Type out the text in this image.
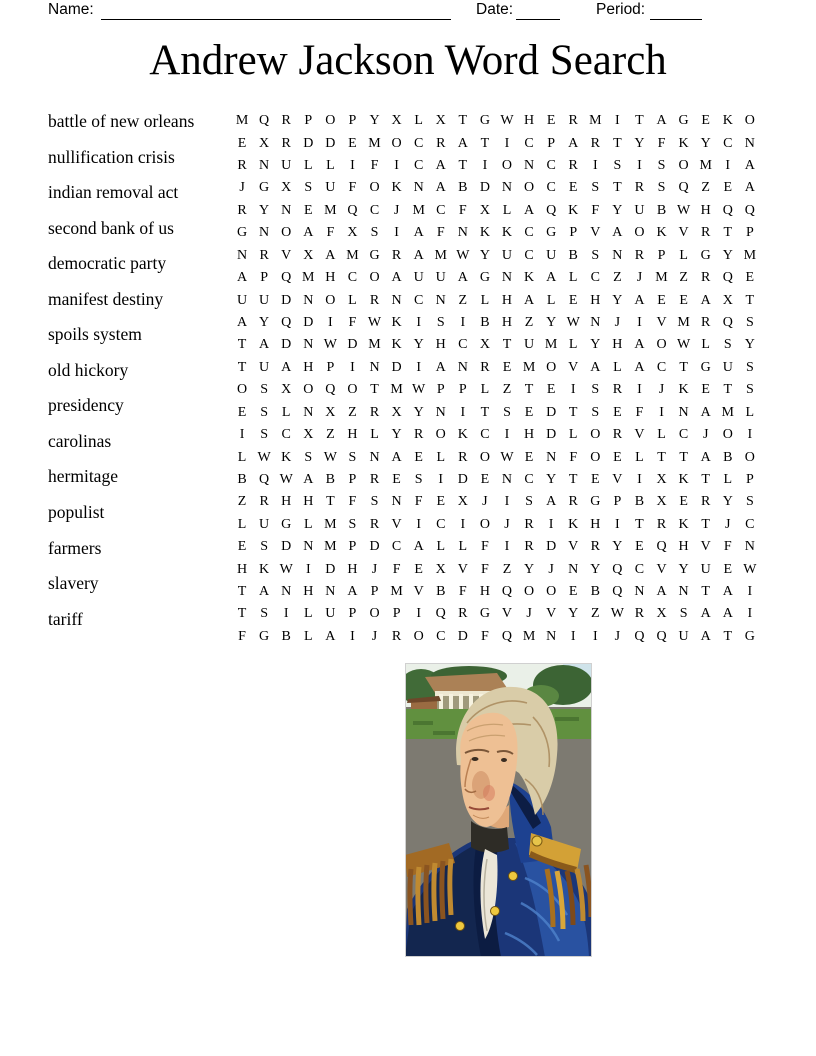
Name:	Date:	Period:
Andrew Jackson Word Search
battle of new orleans
nullification crisis
indian removal act
second bank of us
democratic party
manifest destiny
spoils system
old hickory
presidency
carolinas
hermitage
populist
farmers
slavery
tariff
M Q R P O P Y X L X T G W H E R M I	T A G E K O
E X R D D E M O C R A T	I	C P A R T Y F K Y C N
R N U L L	I	F	I	C A T	I	O N C R	I	S	I	S O M I	A
J	G X S U F O K N A B D N O C E S T R S Q Z E A
R Y N E M Q C	J M C F X L A Q K F Y U B W H Q Q
G N O A F X S	I	A F N K K C G P V A O K V R T P
N R V X A M G R A M W Y U C U B S N R P L G Y M
A P Q M H C O A U U A G N K A L C Z	J M Z R Q E
U U D N O L R N C N Z L H A L E H Y A E E A X T
A Y Q D	I	F W K	I	S	I	B H Z Y W N	J	I	V M R Q S
T A D N W D M K Y H C X T U M L Y H A O W L S Y
T U A H P	I	N D	I	A N R E M O V A L A C T G U S
O S X O Q O T M W P	P L Z T E	I	S R	I	J	K E T S
E S L N X Z R X Y N	I	T S E D T S E F	I	N A M L
I	S C X Z H L Y R O K C	I	H D L O R V L C	J	O	I
L W K S W S N A E L R O W E N F O E L T T A B O
B Q W A B P R E S	I	D E N C Y T E V	I	X K T L P
Z R H H T F	S N F E X	J	I	S A R G P B X E R Y S
L U G L M S R V	I	C	I	O	J	R	I	K H	I	T R K T	J	C
E S D N M P D C A L L F	I	R D V R Y E Q H V F N
H K W I	D H	J	F E X V F Z Y	J	N Y Q C V Y U E W
T A N H N A P M V B F H Q O O E B Q N A N T A	I
T S	I	L U P O P	I	Q R G V	J	V Y Z W R X S A A	I
F G B L A	I	J	R O C D F Q M N	I	I	J	Q Q U A T G
